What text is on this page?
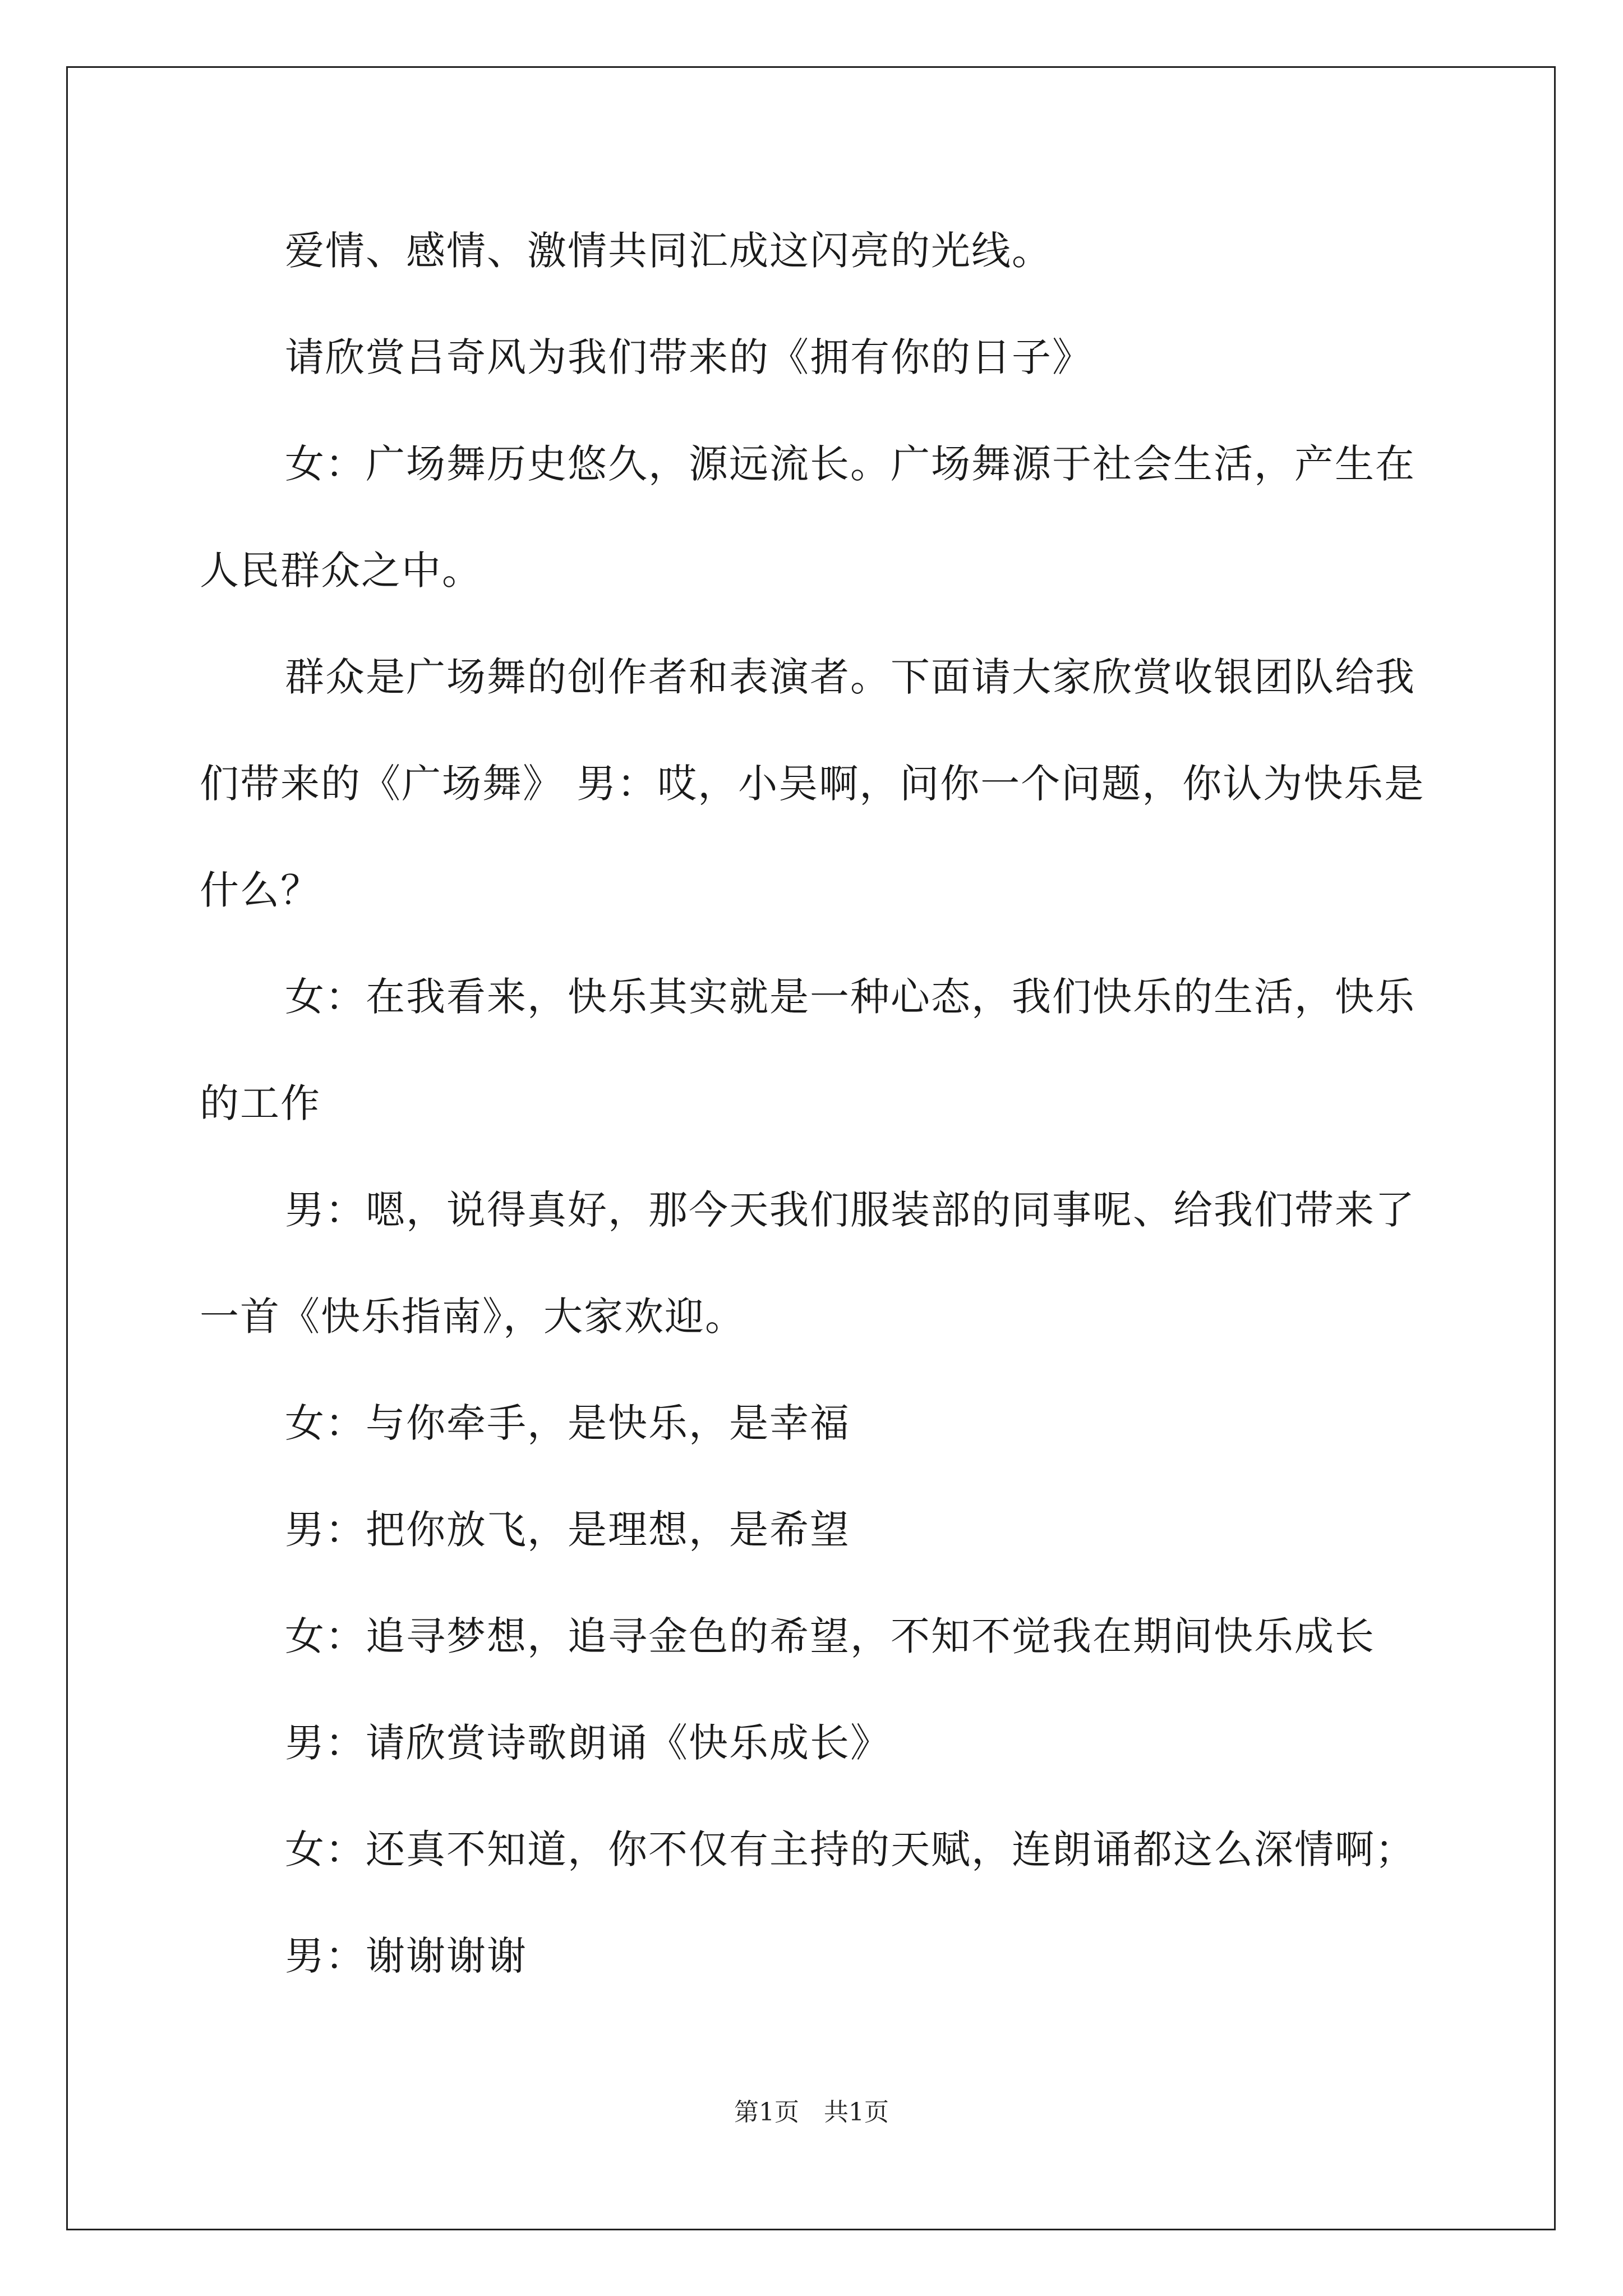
爱情、感情、激情共同汇成这闪亮的光线。
请欣赏吕奇风为我们带来的《拥有你的日子》
女：广场舞历史悠久，源远流长。广场舞源于社会生活，产生在
人民群众之中。
群众是广场舞的创作者和表演者。下面请大家欣赏收银团队给我
们带来的《广场舞》 男：哎，小吴啊，问你一个问题，你认为快乐是
什么？
女：在我看来，快乐其实就是一种心态，我们快乐的生活，快乐
的工作
男：嗯，说得真好，那今天我们服装部的同事呢、给我们带来了
一首《快乐指南》，大家欢迎。
女：与你牵手，是快乐，是幸福
男：把你放飞，是理想，是希望
女：追寻梦想，追寻金色的希望，不知不觉我在期间快乐成长
男：请欣赏诗歌朗诵《快乐成长》
女：还真不知道，你不仅有主持的天赋，连朗诵都这么深情啊；
男：谢谢谢谢
第1页　共1页
